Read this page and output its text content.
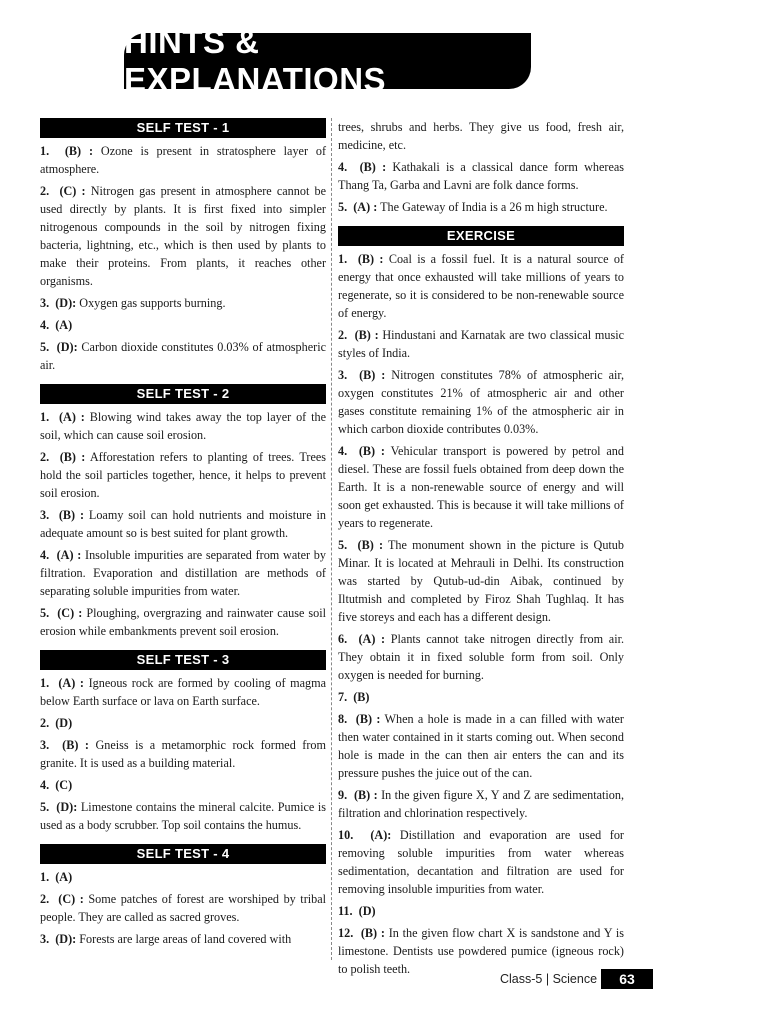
HINTS & EXPLANATIONS
SELF TEST - 1
1. (B) : Ozone is present in stratosphere layer of atmosphere.
2. (C) : Nitrogen gas present in atmosphere cannot be used directly by plants. It is first fixed into simpler nitrogenous compounds in the soil by nitrogen fixing bacteria, lightning, etc., which is then used by plants to make their proteins. From plants, it reaches other organisms.
3. (D): Oxygen gas supports burning.
4. (A)
5. (D): Carbon dioxide constitutes 0.03% of atmospheric air.
SELF TEST - 2
1. (A) : Blowing wind takes away the top layer of the soil, which can cause soil erosion.
2. (B) : Afforestation refers to planting of trees. Trees hold the soil particles together, hence, it helps to prevent soil erosion.
3. (B) : Loamy soil can hold nutrients and moisture in adequate amount so is best suited for plant growth.
4. (A) : Insoluble impurities are separated from water by filtration. Evaporation and distillation are methods of separating soluble impurities from water.
5. (C) : Ploughing, overgrazing and rainwater cause soil erosion while embankments prevent soil erosion.
SELF TEST - 3
1. (A) : Igneous rock are formed by cooling of magma below Earth surface or lava on Earth surface.
2. (D)
3. (B) : Gneiss is a metamorphic rock formed from granite. It is used as a building material.
4. (C)
5. (D): Limestone contains the mineral calcite. Pumice is used as a body scrubber. Top soil contains the humus.
SELF TEST - 4
1. (A)
2. (C) : Some patches of forest are worshiped by tribal people. They are called as sacred groves.
3. (D): Forests are large areas of land covered with
trees, shrubs and herbs. They give us food, fresh air, medicine, etc.
4. (B) : Kathakali is a classical dance form whereas Thang Ta, Garba and Lavni are folk dance forms.
5. (A) : The Gateway of India is a 26 m high structure.
EXERCISE
1. (B) : Coal is a fossil fuel. It is a natural source of energy that once exhausted will take millions of years to regenerate, so it is considered to be non-renewable source of energy.
2. (B) : Hindustani and Karnatak are two classical music styles of India.
3. (B) : Nitrogen constitutes 78% of atmospheric air, oxygen constitutes 21% of atmospheric air and other gases constitute remaining 1% of the atmospheric air in which carbon dioxide contributes 0.03%.
4. (B) : Vehicular transport is powered by petrol and diesel. These are fossil fuels obtained from deep down the Earth. It is a non-renewable source of energy and will soon get exhausted. This is because it will take millions of years to regenerate.
5. (B) : The monument shown in the picture is Qutub Minar. It is located at Mehrauli in Delhi. Its construction was started by Qutub-ud-din Aibak, continued by Iltutmish and completed by Firoz Shah Tughlaq. It has five storeys and each has a different design.
6. (A) : Plants cannot take nitrogen directly from air. They obtain it in fixed soluble form from soil. Only oxygen is needed for burning.
7. (B)
8. (B) : When a hole is made in a can filled with water then water contained in it starts coming out. When second hole is made in the can then air enters the can and its pressure pushes the juice out of the can.
9. (B) : In the given figure X, Y and Z are sedimentation, filtration and chlorination respectively.
10. (A): Distillation and evaporation are used for removing soluble impurities from water whereas sedimentation, decantation and filtration are used for removing insoluble impurities from water.
11. (D)
12. (B) : In the given flow chart X is sandstone and Y is limestone. Dentists use powdered pumice (igneous rock) to polish teeth.
Class-5 | Science	63
